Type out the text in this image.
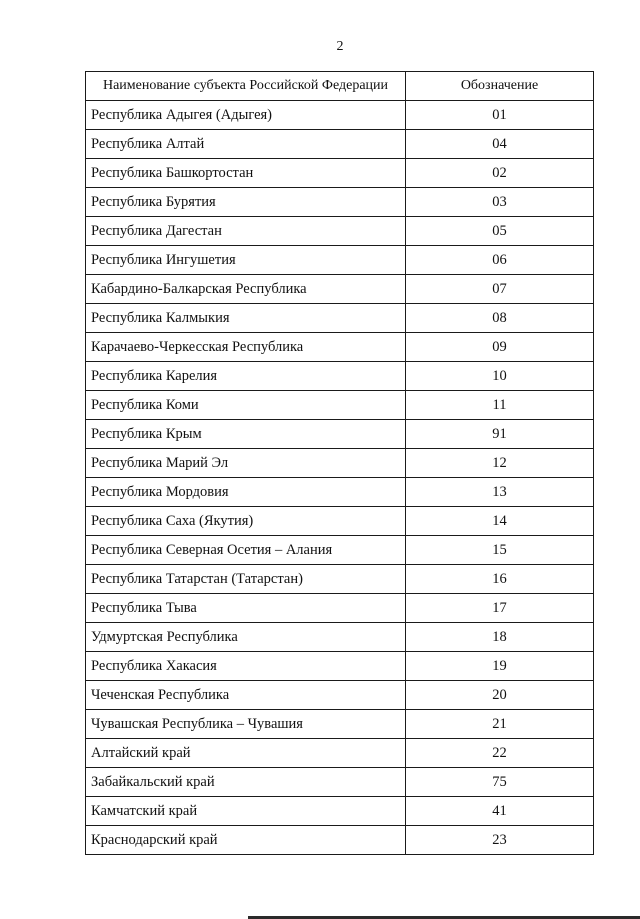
2
Наименование субъекта Российской Федерации	Обозначение
Республика Адыгея (Адыгея)	01
Республика Алтай	04
Республика Башкортостан	02
Республика Бурятия	03
Республика Дагестан	05
Республика Ингушетия	06
Кабардино-Балкарская Республика	07
Республика Калмыкия	08
Карачаево-Черкесская Республика	09
Республика Карелия	10
Республика Коми	11
Республика Крым	91
Республика Марий Эл	12
Республика Мордовия	13
Республика Саха (Якутия)	14
Республика Северная Осетия – Алания	15
Республика Татарстан (Татарстан)	16
Республика Тыва	17
Удмуртская Республика	18
Республика Хакасия	19
Чеченская Республика	20
Чувашская Республика – Чувашия	21
Алтайский край	22
Забайкальский край	75
Камчатский край	41
Краснодарский край	23
